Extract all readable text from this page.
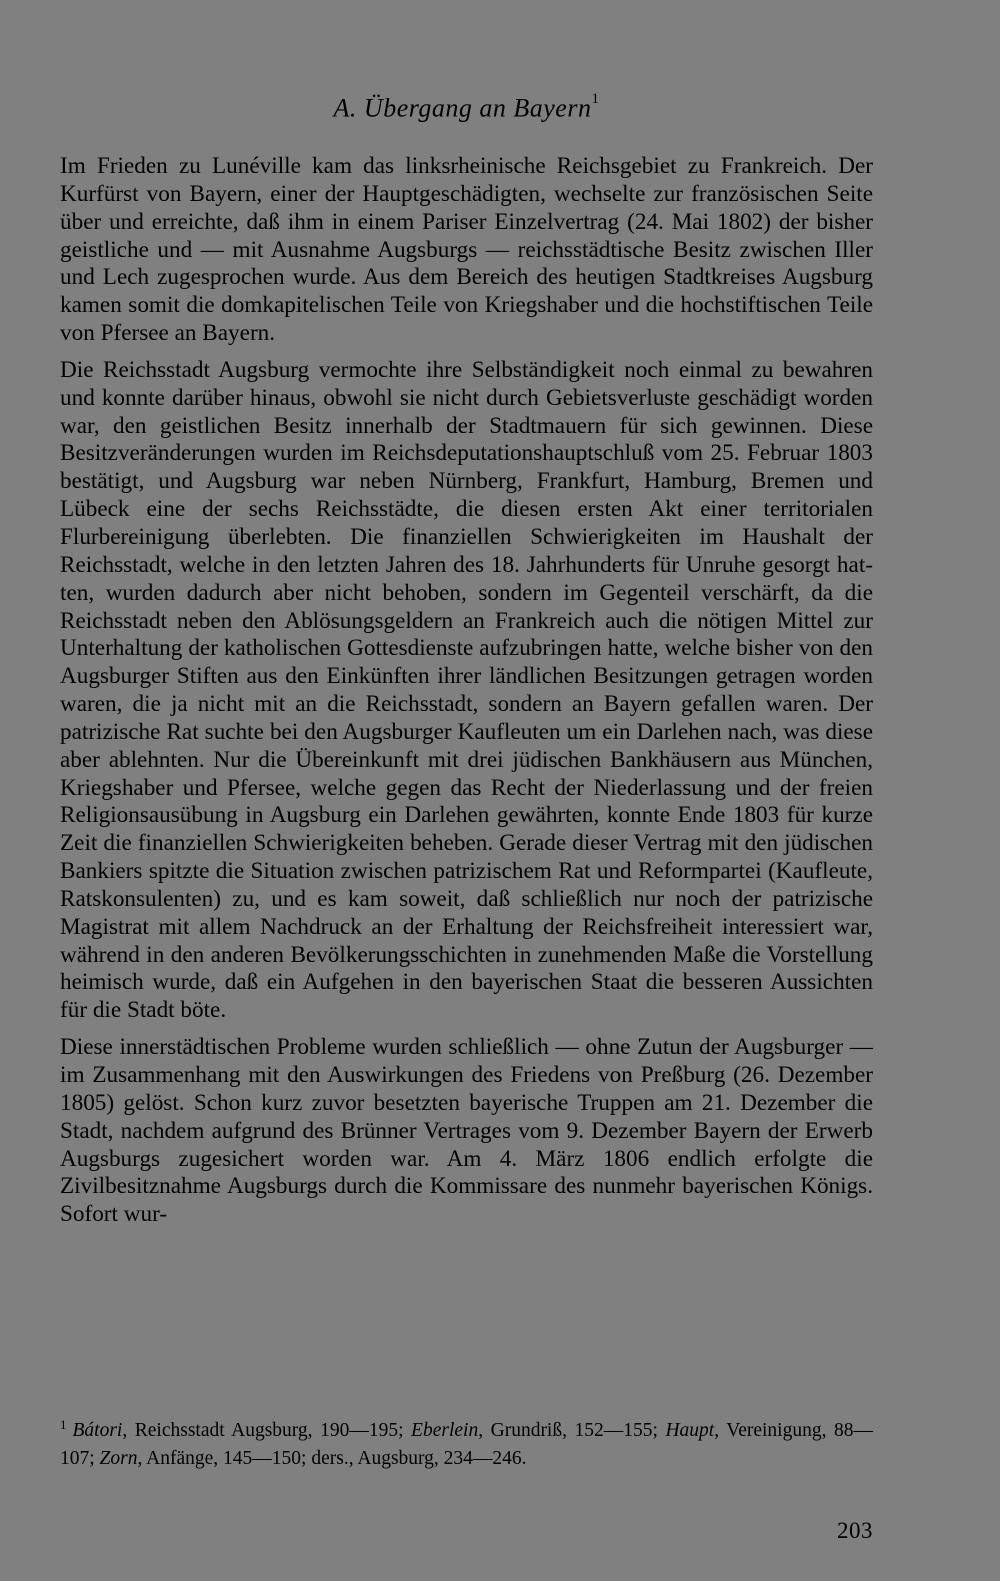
A. Übergang an Bayern$^1$

Im Frieden zu Lunéville kam das linksrheinische Reichsgebiet zu Frankreich. Der Kurfürst von Bayern, einer der Hauptgeschädigten, wechselte zur französischen Seite über und erreichte, daß ihm in einem Pariser Einzelvertrag (24. Mai 1802) der bisher geistliche und — mit Ausnahme Augsburgs — reichsstädtische Besitz zwischen Iller und Lech zugesprochen wurde. Aus dem Bereich des heutigen Stadtkreises Augsburg kamen somit die domkapitelischen Teile von Kriegshaber und die hochstiftischen Teile von Pfersee an Bayern.

Die Reichsstadt Augsburg vermochte ihre Selbständigkeit noch einmal zu bewahren und konnte darüber hinaus, obwohl sie nicht durch Gebietsverluste geschädigt worden war, den geistlichen Besitz innerhalb der Stadtmauern für sich gewinnen. Diese Besitzveränderungen wurden im Reichsdeputationshauptschluß vom 25. Februar 1803 bestätigt, und Augsburg war neben Nürnberg, Frankfurt, Hamburg, Bremen und Lübeck eine der sechs Reichsstädte, die diesen ersten Akt einer territorialen Flurbereinigung überlebten. Die finanziellen Schwierigkeiten im Haushalt der Reichsstadt, welche in den letzten Jahren des 18. Jahrhunderts für Unruhe gesorgt hatten, wurden dadurch aber nicht behoben, sondern im Gegenteil verschärft, da die Reichsstadt neben den Ablösungsgeldern an Frankreich auch die nötigen Mittel zur Unterhaltung der katholischen Gottesdienste aufzubringen hatte, welche bisher von den Augsburger Stiften aus den Einkünften ihrer ländlichen Besitzungen getragen worden waren, die ja nicht mit an die Reichsstadt, sondern an Bayern gefallen waren. Der patrizische Rat suchte bei den Augsburger Kaufleuten um ein Darlehen nach, was diese aber ablehnten. Nur die Übereinkunft mit drei jüdischen Bankhäusern aus München, Kriegshaber und Pfersee, welche gegen das Recht der Niederlassung und der freien Religionsausübung in Augsburg ein Darlehen gewährten, konnte Ende 1803 für kurze Zeit die finanziellen Schwierigkeiten beheben. Gerade dieser Vertrag mit den jüdischen Bankiers spitzte die Situation zwischen patrizischem Rat und Reformpartei (Kaufleute, Ratskonsulenten) zu, und es kam soweit, daß schließlich nur noch der patrizische Magistrat mit allem Nachdruck an der Erhaltung der Reichsfreiheit interessiert war, während in den anderen Bevölkerungsschichten in zunehmenden Maße die Vorstellung heimisch wurde, daß ein Aufgehen in den bayerischen Staat die besseren Aussichten für die Stadt böte.

Diese innerstädtischen Probleme wurden schließlich — ohne Zutun der Augsburger — im Zusammenhang mit den Auswirkungen des Friedens von Preßburg (26. Dezember 1805) gelöst. Schon kurz zuvor besetzten bayerische Truppen am 21. Dezember die Stadt, nachdem aufgrund des Brünner Vertrages vom 9. Dezember Bayern der Erwerb Augsburgs zugesichert worden war. Am 4. März 1806 endlich erfolgte die Zivilbesitznahme Augsburgs durch die Kommissare des nunmehr bayerischen Königs. Sofort wur-

$^1$ Bátori, Reichsstadt Augsburg, 190—195; Eberlein, Grundriß, 152—155; Haupt, Vereinigung, 88—107; Zorn, Anfänge, 145—150; ders., Augsburg, 234—246.
203
